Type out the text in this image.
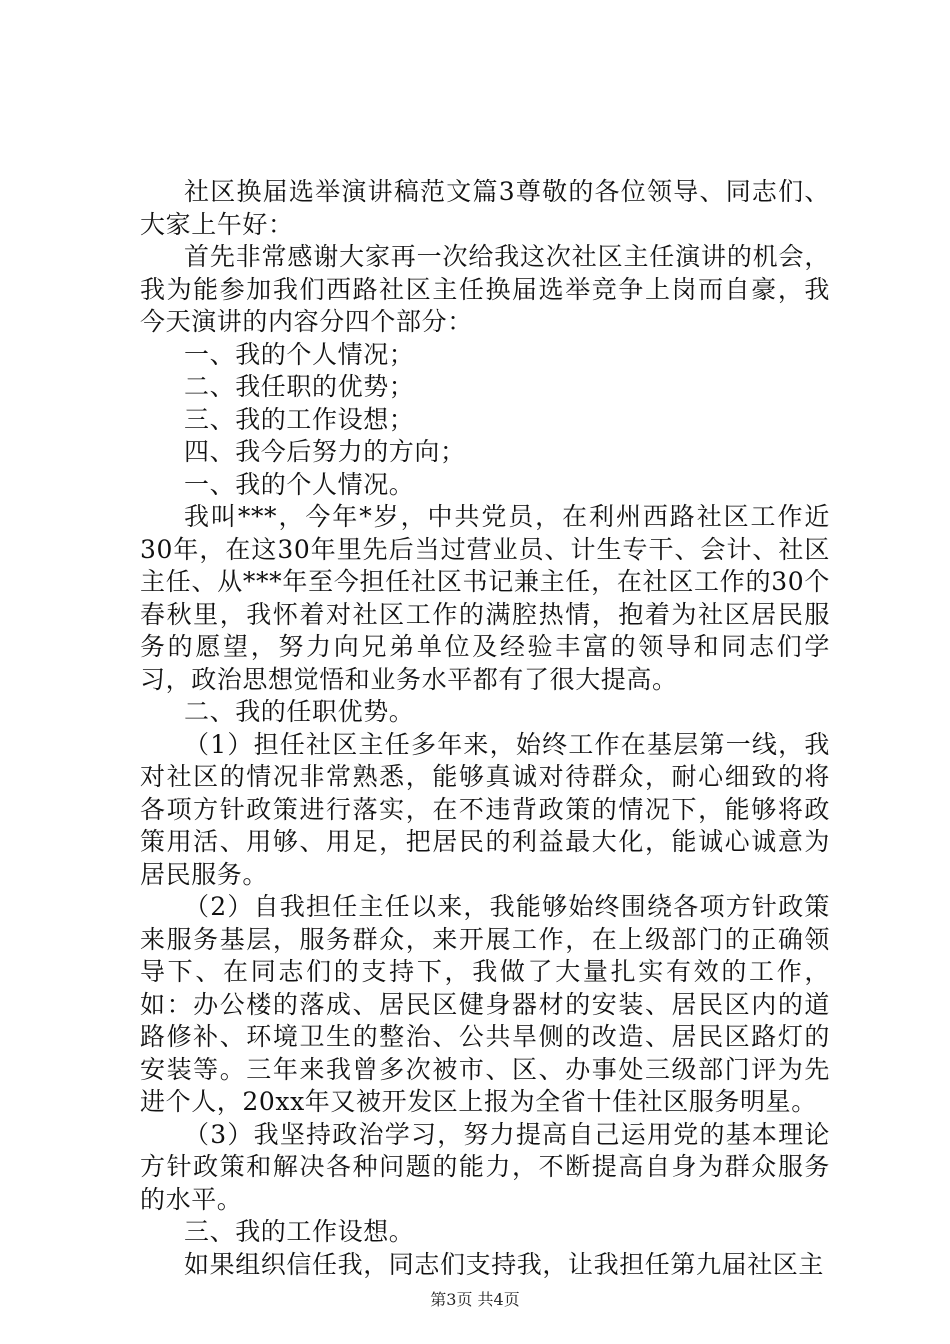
社区换届选举演讲稿范文篇3尊敬的各位领导、同志们、大家上午好：

首先非常感谢大家再一次给我这次社区主任演讲的机会，我为能参加我们西路社区主任换届选举竞争上岗而自豪，我今天演讲的内容分四个部分：

一、我的个人情况；

二、我任职的优势；

三、我的工作设想；

四、我今后努力的方向；

一、我的个人情况。

我叫***，今年*岁，中共党员，在利州西路社区工作近30年，在这30年里先后当过营业员、计生专干、会计、社区主任、从***年至今担任社区书记兼主任，在社区工作的30个春秋里，我怀着对社区工作的满腔热情，抱着为社区居民服务的愿望，努力向兄弟单位及经验丰富的领导和同志们学习，政治思想觉悟和业务水平都有了很大提高。

二、我的任职优势。

（1）担任社区主任多年来，始终工作在基层第一线，我对社区的情况非常熟悉，能够真诚对待群众，耐心细致的将各项方针政策进行落实，在不违背政策的情况下，能够将政策用活、用够、用足，把居民的利益最大化，能诚心诚意为居民服务。

（2）自我担任主任以来，我能够始终围绕各项方针政策来服务基层，服务群众，来开展工作，在上级部门的正确领导下、在同志们的支持下，我做了大量扎实有效的工作，如：办公楼的落成、居民区健身器材的安装、居民区内的道路修补、环境卫生的整治、公共旱侧的改造、居民区路灯的安装等。三年来我曾多次被市、区、办事处三级部门评为先进个人，20xx年又被开发区上报为全省十佳社区服务明星。

（3）我坚持政治学习，努力提高自己运用党的基本理论方针政策和解决各种问题的能力，不断提高自身为群众服务的水平。

三、我的工作设想。

如果组织信任我，同志们支持我，让我担任第九届社区主

第3页 共4页
